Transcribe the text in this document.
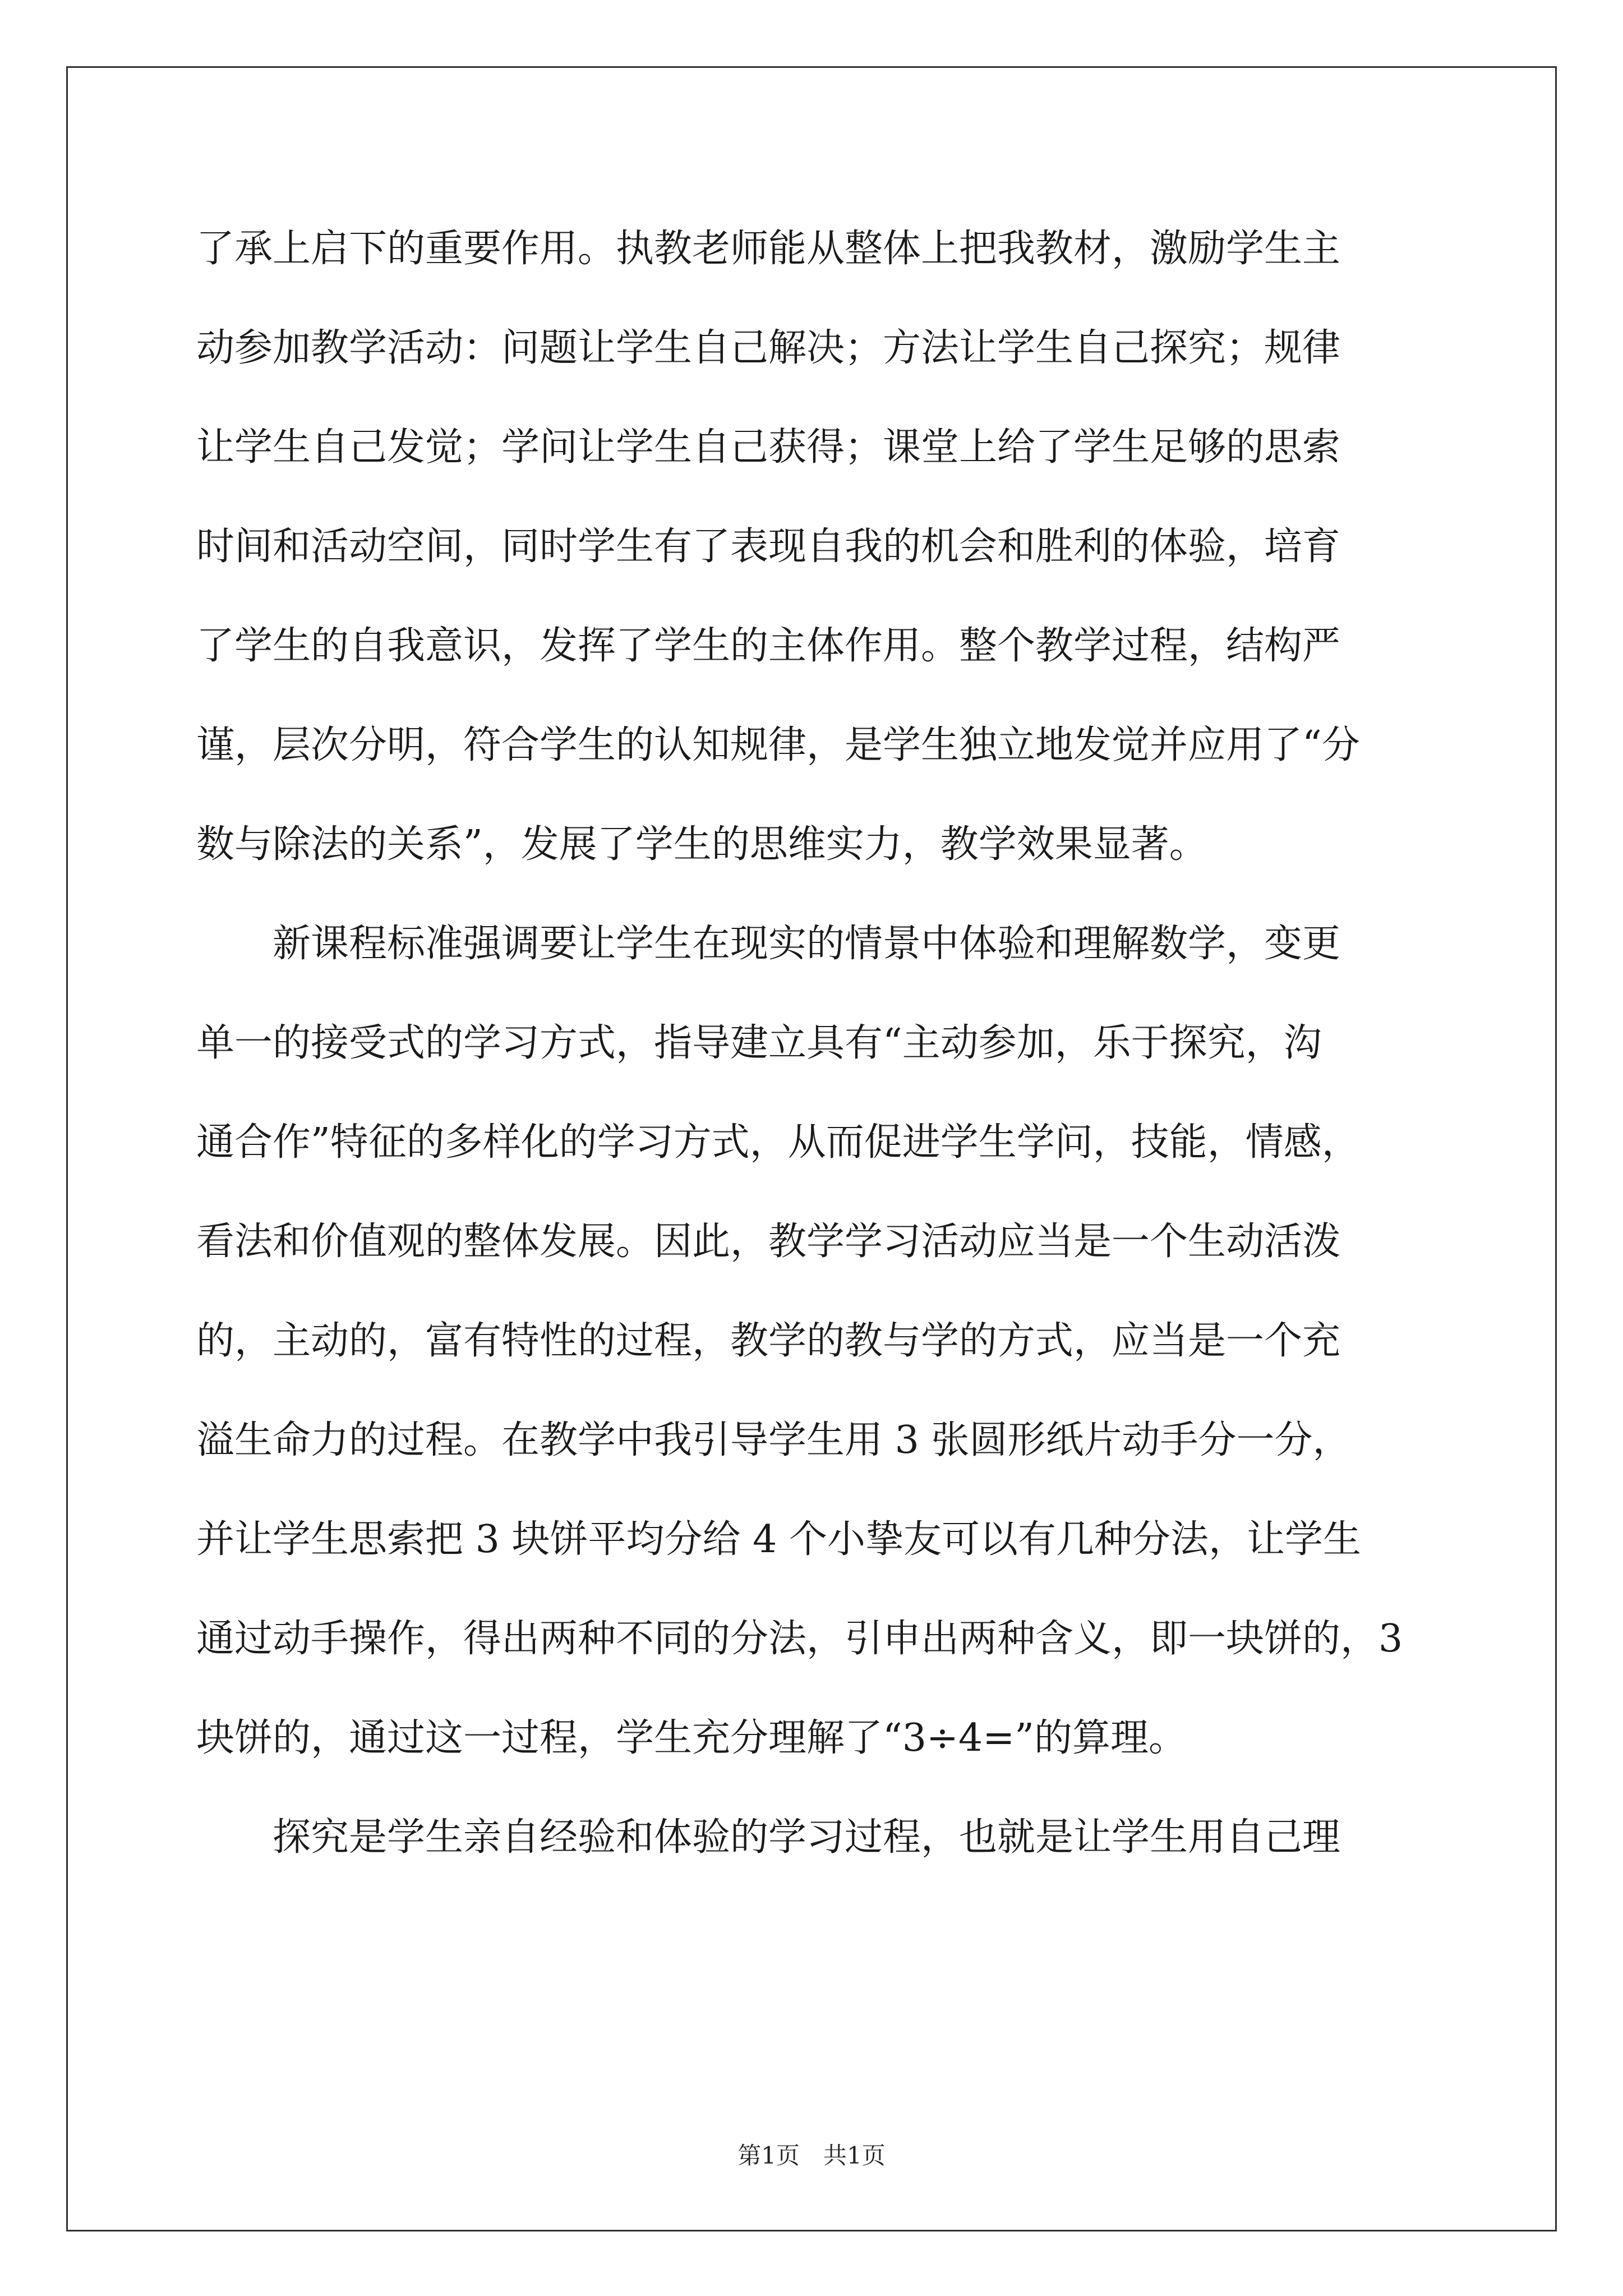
了承上启下的重要作用。执教老师能从整体上把我教材，激励学生主
动参加教学活动：问题让学生自己解决；方法让学生自己探究；规律
让学生自己发觉；学问让学生自己获得；课堂上给了学生足够的思索
时间和活动空间，同时学生有了表现自我的机会和胜利的体验，培育
了学生的自我意识，发挥了学生的主体作用。整个教学过程，结构严
谨，层次分明，符合学生的认知规律，是学生独立地发觉并应用了“分
数与除法的关系”，发展了学生的思维实力，教学效果显著。
　　新课程标准强调要让学生在现实的情景中体验和理解数学，变更
单一的接受式的学习方式，指导建立具有“主动参加，乐于探究，沟
通合作”特征的多样化的学习方式，从而促进学生学问，技能，情感，
看法和价值观的整体发展。因此，教学学习活动应当是一个生动活泼
的，主动的，富有特性的过程，教学的教与学的方式，应当是一个充
溢生命力的过程。在教学中我引导学生用 3 张圆形纸片动手分一分，
并让学生思索把 3 块饼平均分给 4 个小挚友可以有几种分法，让学生
通过动手操作，得出两种不同的分法，引申出两种含义，即一块饼的，3
块饼的，通过这一过程，学生充分理解了“3÷4=”的算理。
　　探究是学生亲自经验和体验的学习过程，也就是让学生用自己理
第1页　共1页
